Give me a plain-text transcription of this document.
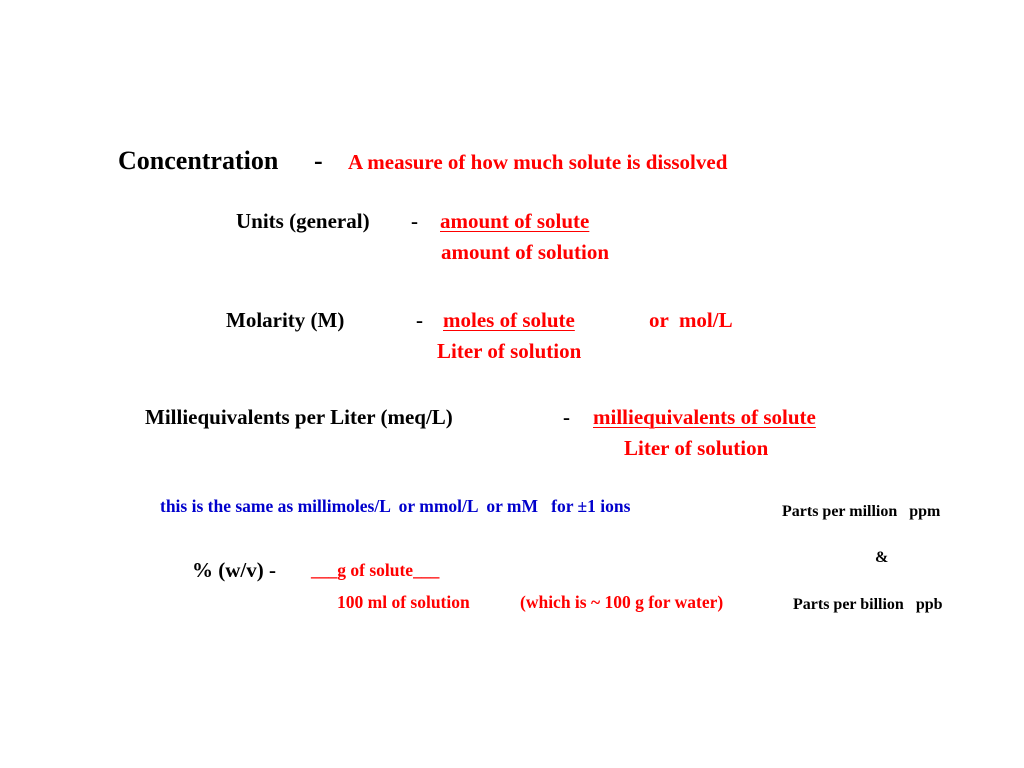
Concentration - A measure of how much solute is dissolved
Units (general) - amount of solute
amount of solution
Molarity (M)	- moles of solute	or  mol/L
Liter of solution
Milliequivalents per Liter (meq/L)	- milliequivalents of solute
Liter of solution
this is the same as millimoles/L  or mmol/L  or mM   for ±1 ions	Parts per million   ppm
&
Parts per billion   ppb
% (w/v) - ___g of solute___
100 ml of solution	(which is ~ 100 g for water)
